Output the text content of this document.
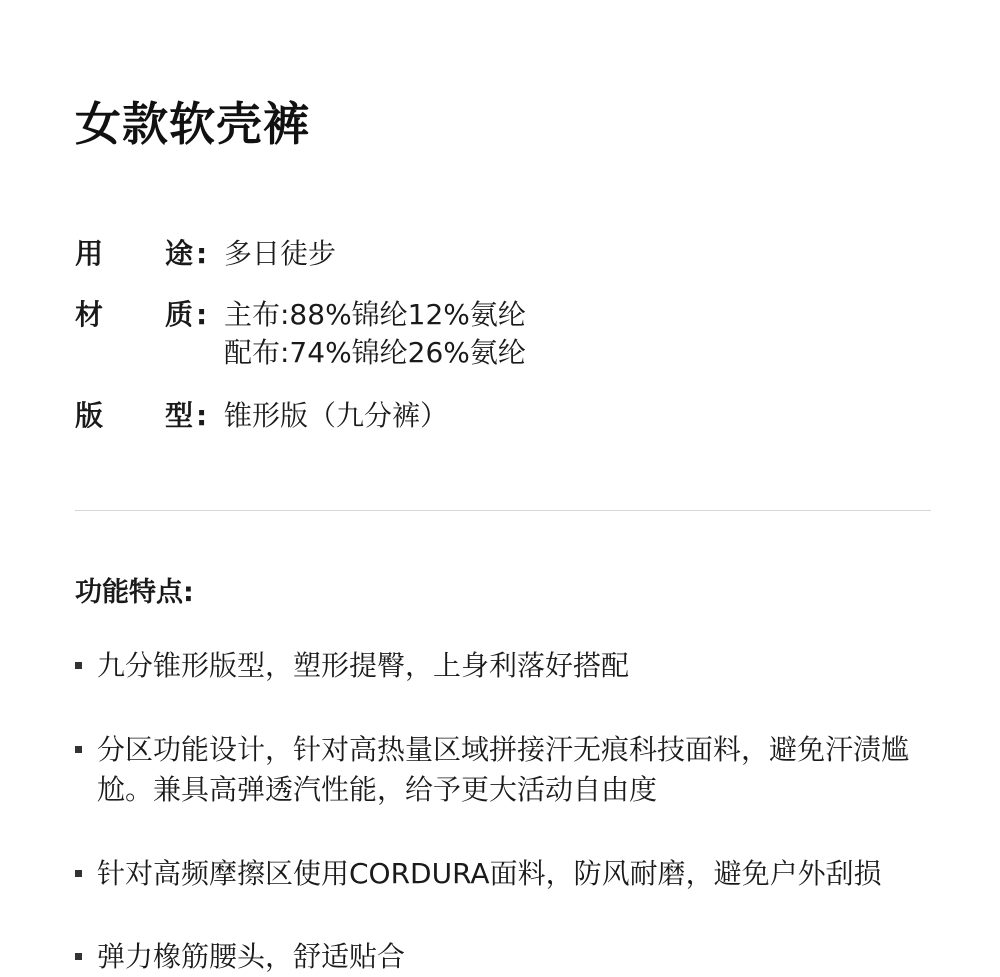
女款软壳裤
用 途 : 多日徒步
材 质 : 主布:88%锦纶12%氨纶
配布:74%锦纶26%氨纶
版 型 : 锥形版（九分裤）
功能特点:
九分锥形版型，塑形提臀，上身利落好搭配
分区功能设计，针对高热量区域拼接汗无痕科技面料，避免汗渍尴尬。兼具高弹透汽性能，给予更大活动自由度
针对高频摩擦区使用CORDURA面料，防风耐磨，避免户外刮损
弹力橡筋腰头，舒适贴合
